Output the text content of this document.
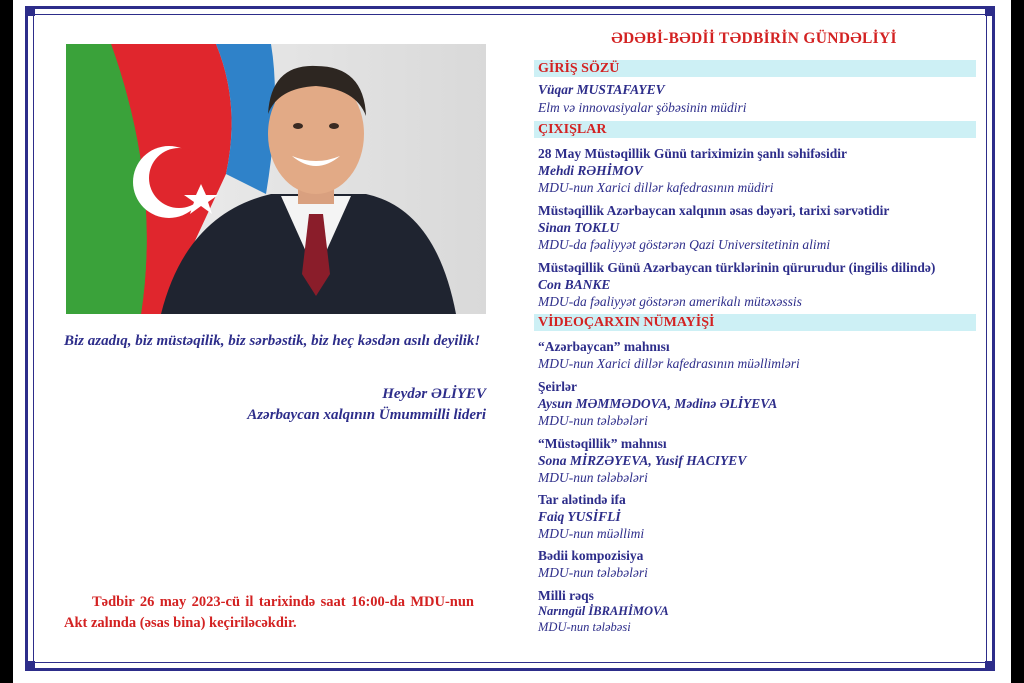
Biz azadıq, biz müstəqilik, biz sərbəstik, biz heç kəsdən asılı deyilik!
Heydər ƏLİYEV
Azərbaycan xalqının Ümummilli lideri
Tədbir 26 may 2023-cü il tarixində saat 16:00-da MDU-nun Akt zalında (əsas bina) keçiriləcəkdir.
ƏDƏBİ-BƏDİİ TƏDBİRİN GÜNDƏLİYİ
GİRİŞ SÖZÜ
Vüqar MUSTAFAYEV
Elm və innovasiyalar şöbəsinin müdiri
ÇIXIŞLAR
28 May Müstəqillik Günü tariximizin şanlı səhifəsidir
Mehdi RƏHİMOV
MDU-nun Xarici dillər kafedrasının müdiri
Müstəqillik Azərbaycan xalqının əsas dəyəri, tarixi sərvətidir
Sinan TOKLU
MDU-da fəaliyyət göstərən Qazi Universitetinin alimi
Müstəqillik Günü Azərbaycan türklərinin qürurudur (ingilis dilində)
Con BANKE
MDU-da fəaliyyət göstərən amerikalı mütəxəssis
VİDEOÇARXIN NÜMAYİŞİ
“Azərbaycan” mahnısı
MDU-nun Xarici dillər kafedrasının müəllimləri
Şeirlər
Aysun MƏMMƏDOVA, Mədinə ƏLİYEVA
MDU-nun tələbələri
“Müstəqillik” mahnısı
Sona MİRZƏYEVA, Yusif HACIYEV
MDU-nun tələbələri
Tar alətində ifa
Faiq YUSİFLİ
MDU-nun müəllimi
Bədii kompozisiya
MDU-nun tələbələri
Milli rəqs
Narıngül İBRAHİMOVA
MDU-nun tələbəsi
